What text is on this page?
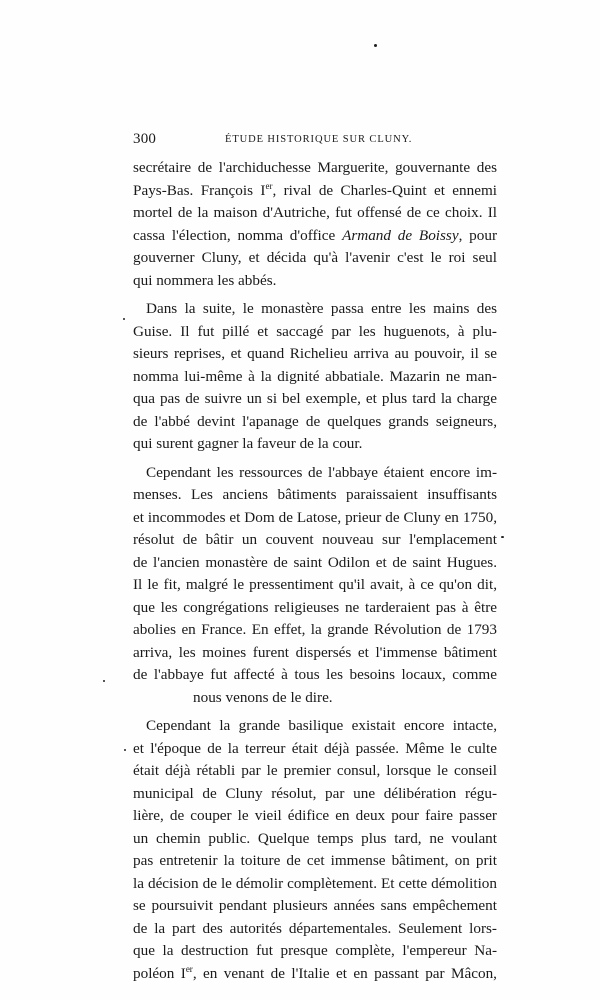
300	ÉTUDE HISTORIQUE SUR CLUNY.
secrétaire de l'archiduchesse Marguerite, gouvernante des
Pays-Bas. François Ier, rival de Charles-Quint et ennemi
mortel de la maison d'Autriche, fut offensé de ce choix. Il
cassa l'élection, nomma d'office Armand de Boissy, pour
gouverner Cluny, et décida qu'à l'avenir c'est le roi seul
qui nommera les abbés.
Dans la suite, le monastère passa entre les mains des
Guise. Il fut pillé et saccagé par les huguenots, à plu-
sieurs reprises, et quand Richelieu arriva au pouvoir, il se
nomma lui-même à la dignité abbatiale. Mazarin ne man-
qua pas de suivre un si bel exemple, et plus tard la charge
de l'abbé devint l'apanage de quelques grands seigneurs,
qui surent gagner la faveur de la cour.
Cependant les ressources de l'abbaye étaient encore im-
menses. Les anciens bâtiments paraissaient insuffisants
et incommodes et Dom de Latose, prieur de Cluny en 1750,
résolut de bâtir un couvent nouveau sur l'emplacement
de l'ancien monastère de saint Odilon et de saint Hugues.
Il le fit, malgré le pressentiment qu'il avait, à ce qu'on dit,
que les congrégations religieuses ne tarderaient pas à être
abolies en France. En effet, la grande Révolution de 1793
arriva, les moines furent dispersés et l'immense bâtiment
de l'abbaye fut affecté à tous les besoins locaux, comme
nous venons de le dire.
Cependant la grande basilique existait encore intacte,
et l'époque de la terreur était déjà passée. Même le culte
était déjà rétabli par le premier consul, lorsque le conseil
municipal de Cluny résolut, par une délibération régu-
lière, de couper le vieil édifice en deux pour faire passer
un chemin public. Quelque temps plus tard, ne voulant
pas entretenir la toiture de cet immense bâtiment, on prit
la décision de le démolir complètement. Et cette démolition
se poursuivit pendant plusieurs années sans empêchement
de la part des autorités départementales. Seulement lors-
que la destruction fut presque complète, l'empereur Na-
poléon Ier, en venant de l'Italie et en passant par Mâcon,
